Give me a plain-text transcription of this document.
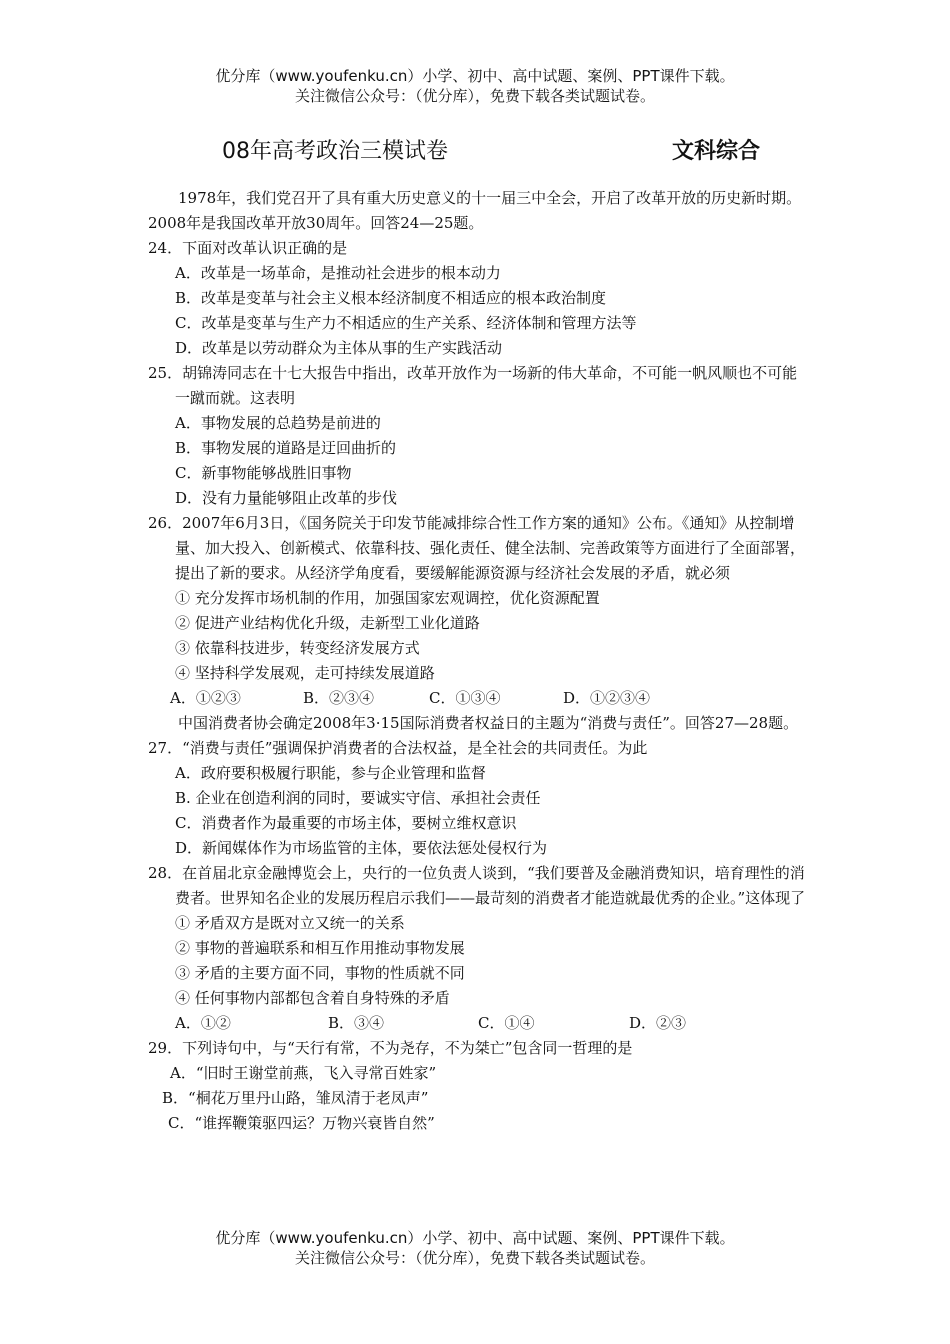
优分库（www.youfenku.cn）小学、初中、高中试题、案例、PPT课件下载。
关注微信公众号：（优分库），免费下载各类试题试卷。
08年高考政治三模试卷	文科综合

1978年，我们党召开了具有重大历史意义的十一届三中全会，开启了改革开放的历史新时期。2008年是我国改革开放30周年。回答24—25题。

24．下面对改革认识正确的是

A．改革是一场革命，是推动社会进步的根本动力

B．改革是变革与社会主义根本经济制度不相适应的根本政治制度

C．改革是变革与生产力不相适应的生产关系、经济体制和管理方法等

D．改革是以劳动群众为主体从事的生产实践活动

25．胡锦涛同志在十七大报告中指出，改革开放作为一场新的伟大革命，不可能一帆风顺也不可能一蹴而就。这表明

A．事物发展的总趋势是前进的

B．事物发展的道路是迂回曲折的

C．新事物能够战胜旧事物

D．没有力量能够阻止改革的步伐

26．2007年6月3日，《国务院关于印发节能减排综合性工作方案的通知》公布。《通知》从控制增量、加大投入、创新模式、依靠科技、强化责任、健全法制、完善政策等方面进行了全面部署，提出了新的要求。从经济学角度看，要缓解能源资源与经济社会发展的矛盾，就必须

① 充分发挥市场机制的作用，加强国家宏观调控，优化资源配置

② 促进产业结构优化升级，走新型工业化道路

③ 依靠科技进步，转变经济发展方式

④ 坚持科学发展观，走可持续发展道路

A．①②③	B．②③④	C．①③④	D．①②③④

中国消费者协会确定2008年3·15国际消费者权益日的主题为“消费与责任”。回答27—28题。

27．“消费与责任”强调保护消费者的合法权益，是全社会的共同责任。为此

A．政府要积极履行职能，参与企业管理和监督

B. 企业在创造利润的同时，要诚实守信、承担社会责任

C．消费者作为最重要的市场主体，要树立维权意识

D．新闻媒体作为市场监管的主体，要依法惩处侵权行为

28．在首届北京金融博览会上，央行的一位负责人谈到，“我们要普及金融消费知识，培育理性的消费者。世界知名企业的发展历程启示我们——最苛刻的消费者才能造就最优秀的企业。”这体现了

① 矛盾双方是既对立又统一的关系

② 事物的普遍联系和相互作用推动事物发展

③ 矛盾的主要方面不同，事物的性质就不同

④ 任何事物内部都包含着自身特殊的矛盾

A．①②	B．③④	C．①④	D．②③

29．下列诗句中，与“天行有常，不为尧存，不为桀亡”包含同一哲理的是

A．“旧时王谢堂前燕，飞入寻常百姓家”

B．“桐花万里丹山路，雏凤清于老凤声”

C．“谁挥鞭策驱四运？万物兴衰皆自然”

优分库（www.youfenku.cn）小学、初中、高中试题、案例、PPT课件下载。
关注微信公众号：（优分库），免费下载各类试题试卷。
